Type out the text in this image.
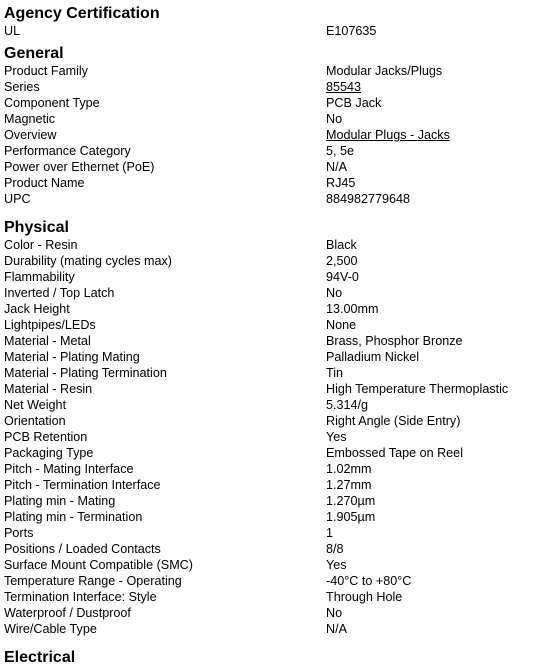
Agency Certification
UL	E107635
General
Product Family	Modular Jacks/Plugs
Series	85543
Component Type	PCB Jack
Magnetic	No
Overview	Modular Plugs - Jacks
Performance Category	5, 5e
Power over Ethernet (PoE)	N/A
Product Name	RJ45
UPC	884982779648
Physical
Color - Resin	Black
Durability (mating cycles max)	2,500
Flammability	94V-0
Inverted / Top Latch	No
Jack Height	13.00mm
Lightpipes/LEDs	None
Material - Metal	Brass, Phosphor Bronze
Material - Plating Mating	Palladium Nickel
Material - Plating Termination	Tin
Material - Resin	High Temperature Thermoplastic
Net Weight	5.314/g
Orientation	Right Angle (Side Entry)
PCB Retention	Yes
Packaging Type	Embossed Tape on Reel
Pitch - Mating Interface	1.02mm
Pitch - Termination Interface	1.27mm
Plating min - Mating	1.270µm
Plating min - Termination	1.905µm
Ports	1
Positions / Loaded Contacts	8/8
Surface Mount Compatible (SMC)	Yes
Temperature Range - Operating	-40°C to +80°C
Termination Interface: Style	Through Hole
Waterproof / Dustproof	No
Wire/Cable Type	N/A
Electrical
